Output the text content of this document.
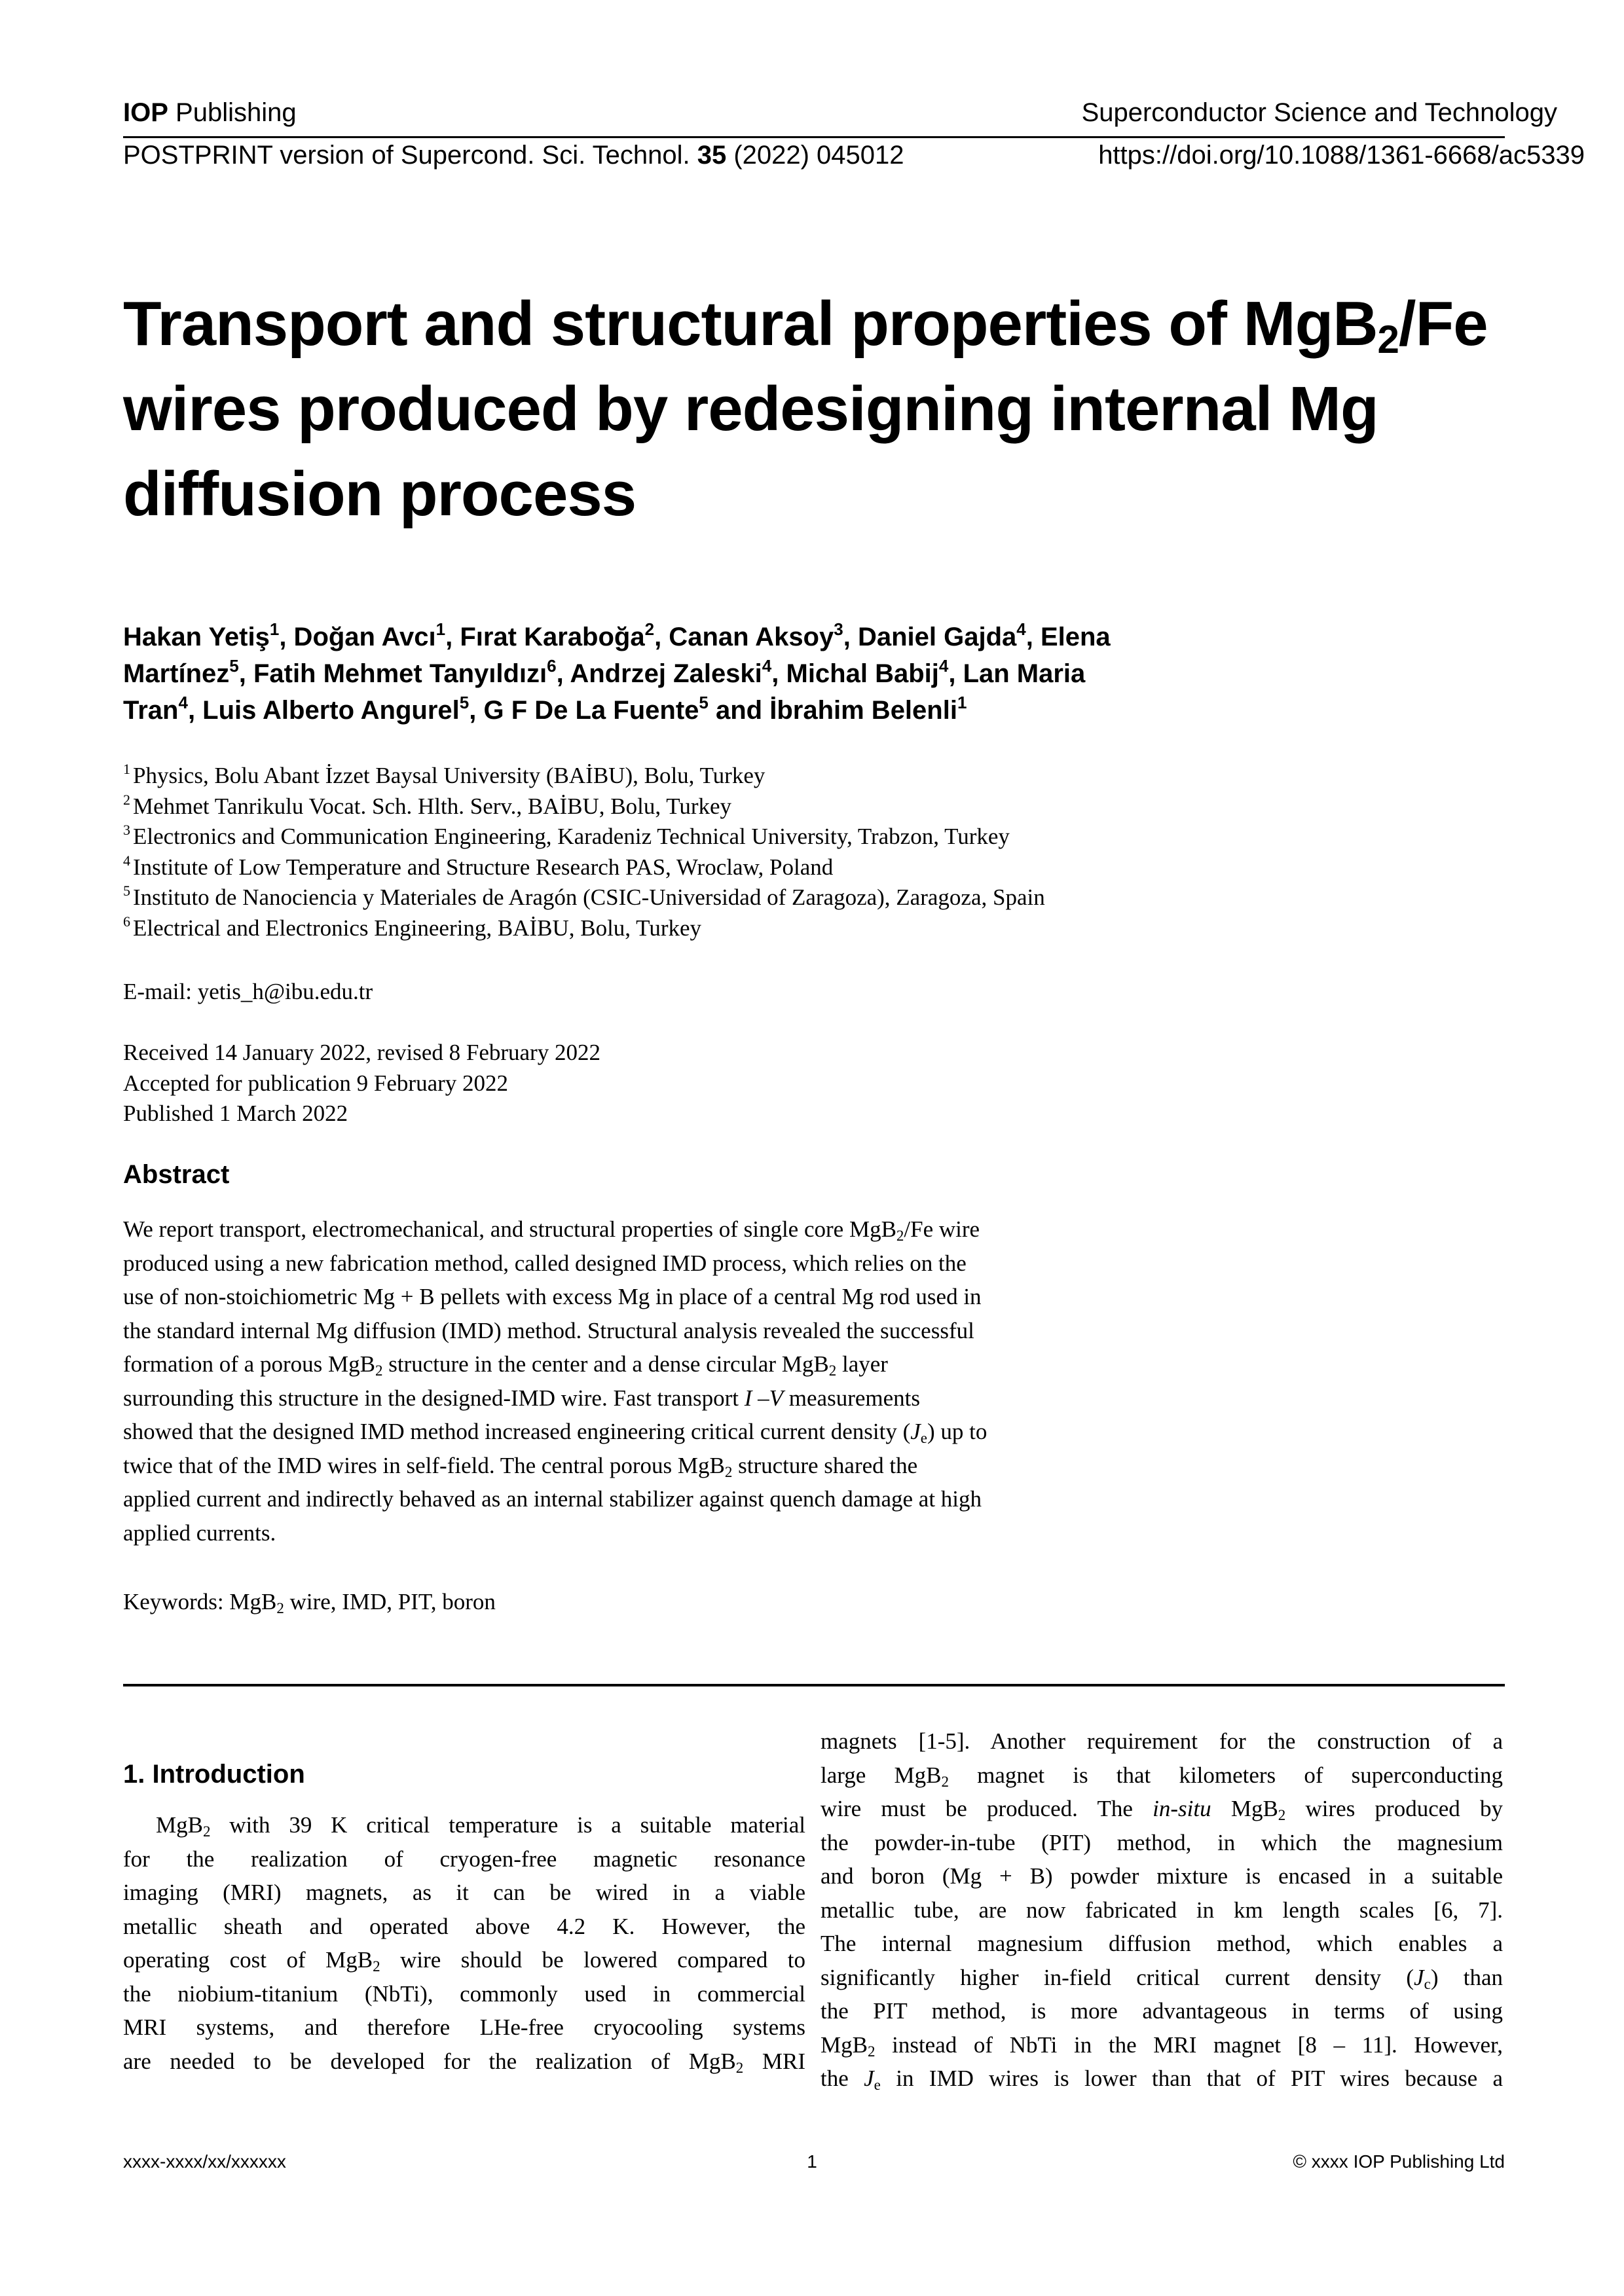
IOP Publishing	Superconductor Science and Technology
POSTPRINT version of Supercond. Sci. Technol. 35 (2022) 045012	https://doi.org/10.1088/1361-6668/ac5339
Transport and structural properties of MgB$_2$/Fe
wires produced by redesigning internal Mg
diffusion process
Hakan Yetiş$^1$, Doğan Avcı$^1$, Fırat Karaboğa$^2$, Canan Aksoy$^3$, Daniel Gajda$^4$, Elena
Martínez$^5$, Fatih Mehmet Tanyıldızı$^6$, Andrzej Zaleski$^4$, Michal Babij$^4$, Lan Maria
Tran$^4$, Luis Alberto Angurel$^5$, G F De La Fuente$^5$ and İbrahim Belenli$^1$
$^1$ Physics, Bolu Abant İzzet Baysal University (BAİBU), Bolu, Turkey
$^2$ Mehmet Tanrikulu Vocat. Sch. Hlth. Serv., BAİBU, Bolu, Turkey
$^3$ Electronics and Communication Engineering, Karadeniz Technical University, Trabzon, Turkey
$^4$ Institute of Low Temperature and Structure Research PAS, Wroclaw, Poland
$^5$ Instituto de Nanociencia y Materiales de Aragón (CSIC-Universidad of Zaragoza), Zaragoza, Spain
$^6$ Electrical and Electronics Engineering, BAİBU, Bolu, Turkey
E-mail: yetis_h@ibu.edu.tr
Received 14 January 2022, revised 8 February 2022
Accepted for publication 9 February 2022
Published 1 March 2022
Abstract
We report transport, electromechanical, and structural properties of single core MgB$_2$/Fe wire
produced using a new fabrication method, called designed IMD process, which relies on the
use of non-stoichiometric Mg + B pellets with excess Mg in place of a central Mg rod used in
the standard internal Mg diffusion (IMD) method. Structural analysis revealed the successful
formation of a porous MgB$_2$ structure in the center and a dense circular MgB$_2$ layer
surrounding this structure in the designed-IMD wire. Fast transport I –V measurements
showed that the designed IMD method increased engineering critical current density $(J_e)$ up to
twice that of the IMD wires in self-field. The central porous MgB$_2$ structure shared the
applied current and indirectly behaved as an internal stabilizer against quench damage at high
applied currents.
Keywords: MgB$_2$ wire, IMD, PIT, boron
1. Introduction
MgB$_2$ with 39 K critical temperature is a suitable material
for the realization of cryogen-free magnetic resonance
imaging (MRI) magnets, as it can be wired in a viable
metallic sheath and operated above 4.2 K. However, the
operating cost of MgB$_2$ wire should be lowered compared to
the niobium-titanium (NbTi), commonly used in commercial
MRI systems, and therefore LHe-free cryocooling systems
are needed to be developed for the realization of MgB$_2$ MRI
magnets [1-5]. Another requirement for the construction of a
large MgB$_2$ magnet is that kilometers of superconducting
wire must be produced. The in-situ MgB$_2$ wires produced by
the powder-in-tube (PIT) method, in which the magnesium
and boron (Mg + B) powder mixture is encased in a suitable
metallic tube, are now fabricated in km length scales [6, 7].
The internal magnesium diffusion method, which enables a
significantly higher in-field critical current density $(J_c)$ than
the PIT method, is more advantageous in terms of using
MgB$_2$ instead of NbTi in the MRI magnet [8 – 11]. However,
the $J_e$ in IMD wires is lower than that of PIT wires because a
xxxx-xxxx/xx/xxxxxx	1	© xxxx IOP Publishing Ltd
